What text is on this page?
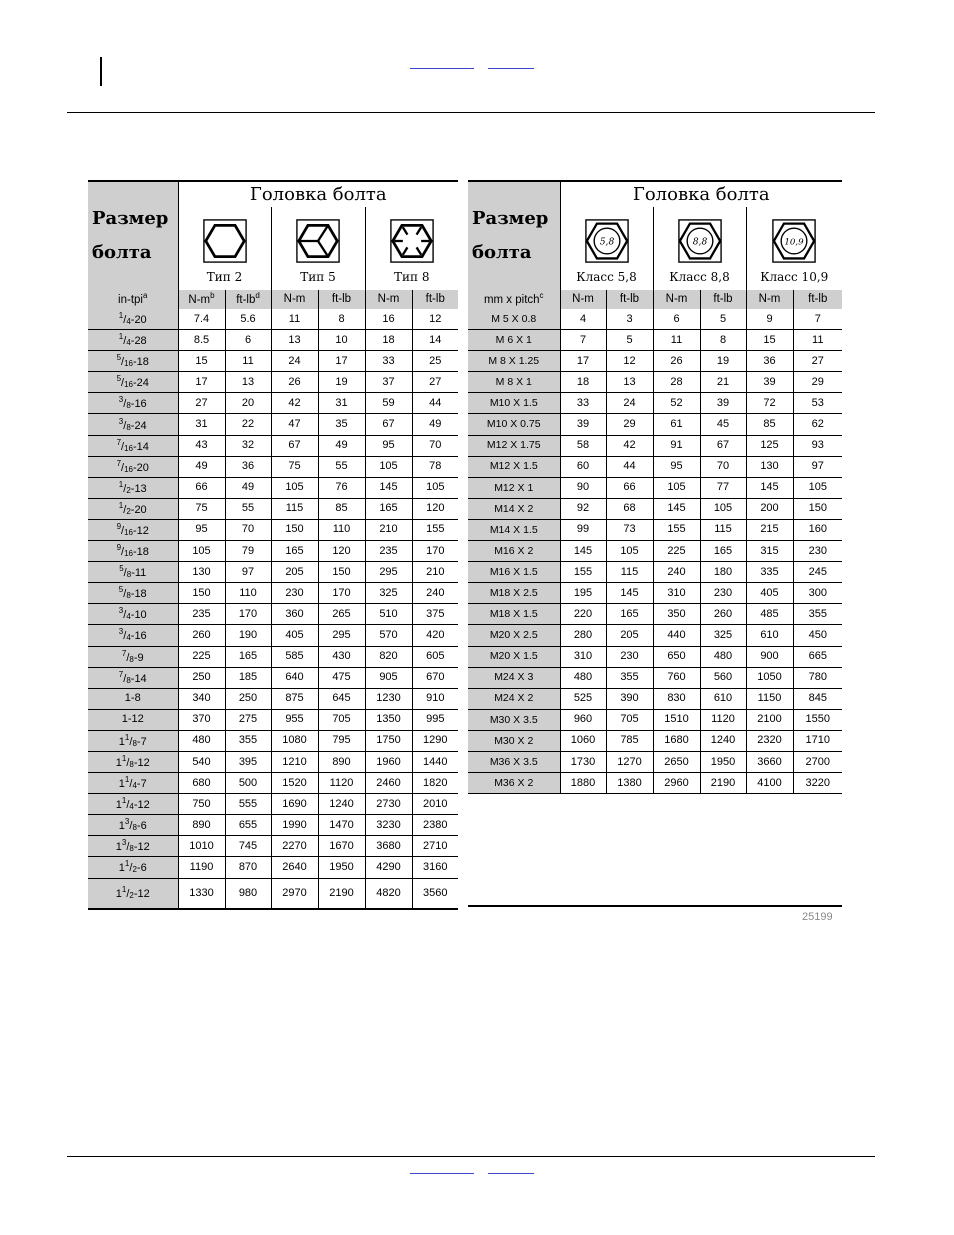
Размер
болта	Головка болта					

	Тип 2		Тип 5		Тип 8	
in-tpi$^a$	$N-m^b$	$ft-lb^d$	N-m	ft-lb	N-m	ft-lb
$^1$/4-20	7.4	5.6	11	8	16	12
$^1$/4-28	8.5	6	13	10	18	14
$^5$/16-18	15	11	24	17	33	25
$^5$/16-24	17	13	26	19	37	27
$^3$/8-16	27	20	42	31	59	44
$^3$/8-24	31	22	47	35	67	49
$^7$/16-14	43	32	67	49	95	70
$^7$/16-20	49	36	75	55	105	78
$^1$/2-13	66	49	105	76	145	105
$^1$/2-20	75	55	115	85	165	120
$^9$/16-12	95	70	150	110	210	155
$^9$/16-18	105	79	165	120	235	170
$^5$/8-11	130	97	205	150	295	210
$^5$/8-18	150	110	230	170	325	240
$^3$/4-10	235	170	360	265	510	375
$^3$/4-16	260	190	405	295	570	420
$^7$/8-9	225	165	585	430	820	605
$^7$/8-14	250	185	640	475	905	670
1-8	340	250	875	645	1230	910
1-12	370	275	955	705	1350	995
$1^1/8-7$	480	355	1080	795	1750	1290
$1^1/8-12$	540	395	1210	890	1960	1440
$1^1/4-7$	680	500	1520	1120	2460	1820
$1^1/4-12$	750	555	1690	1240	2730	2010
$1^3/8-6$	890	655	1990	1470	3230	2380
$1^3/8-12$	1010	745	2270	1670	3680	2710
$1^1/2-6$	1190	870	2640	1950	4290	3160
$1^1/2-12$	1330	980	2970	2190	4820	3560
Размер
болта	Головка болта					

5,8		8,8		10,9	

	Класс 5,8		Класс 8,8		Класс 10,9	
mm x pitch$^c$	N-m	ft-lb	N-m	ft-lb	N-m	ft-lb
M 5 X 0.8	4	3	6	5	9	7
M 6 X 1	7	5	11	8	15	11
M 8 X 1.25	17	12	26	19	36	27
M 8 X 1	18	13	28	21	39	29
M10 X 1.5	33	24	52	39	72	53
M10 X 0.75	39	29	61	45	85	62
M12 X 1.75	58	42	91	67	125	93
M12 X 1.5	60	44	95	70	130	97
M12 X 1	90	66	105	77	145	105
M14 X 2	92	68	145	105	200	150
M14 X 1.5	99	73	155	115	215	160
M16 X 2	145	105	225	165	315	230
M16 X 1.5	155	115	240	180	335	245
M18 X 2.5	195	145	310	230	405	300
M18 X 1.5	220	165	350	260	485	355
M20 X 2.5	280	205	440	325	610	450
M20 X 1.5	310	230	650	480	900	665
M24 X 3	480	355	760	560	1050	780
M24 X 2	525	390	830	610	1150	845
M30 X 3.5	960	705	1510	1120	2100	1550
M30 X 2	1060	785	1680	1240	2320	1710
M36 X 3.5	1730	1270	2650	1950	3660	2700
M36 X 2	1880	1380	2960	2190	4100	3220
25199
